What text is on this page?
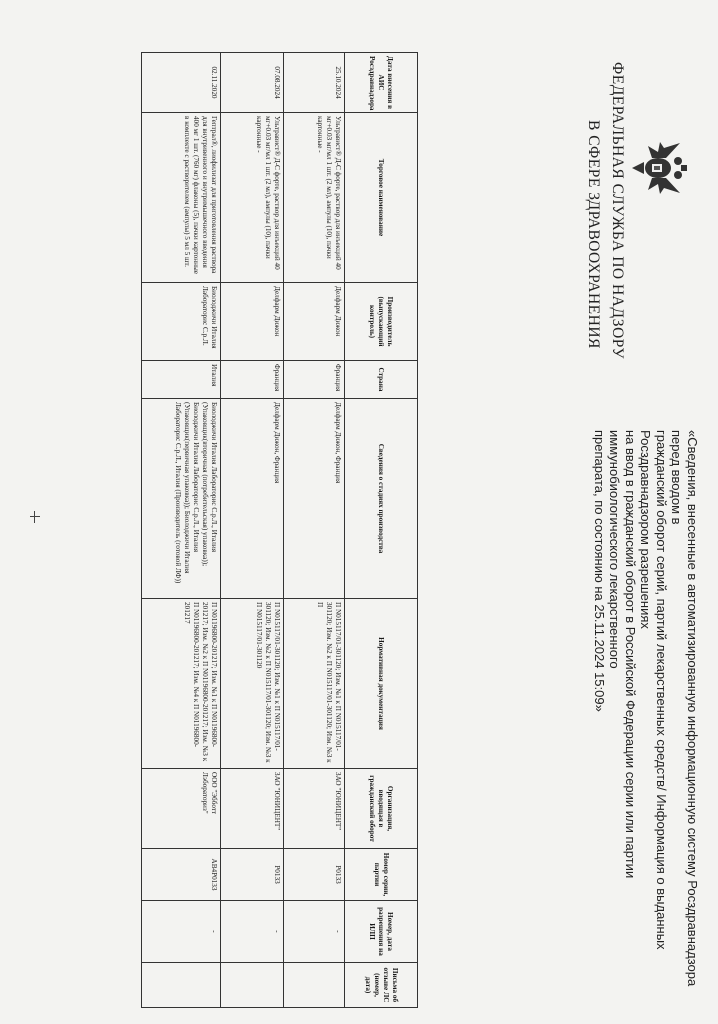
ФЕДЕРАЛЬНАЯ СЛУЖБА ПО НАДЗОРУ
В СФЕРЕ ЗДРАВООХРАНЕНИЯ
«Сведения, внесенные в автоматизированную информационную систему Росздравнадзора перед вводом в
гражданский оборот серий, партий лекарственных средств/ Информация о выданных Росздравнадзором разрешениях
на ввод в гражданский оборот в Российской Федерации серии или партии иммунобиологического лекарственного
препарата, по состоянию на 25.11.2024 15:09»
Дата внесения в АИС Росздравнадзора	Торговое наименование	Производитель (выпускающий контроль)	Страна	Сведения о стадиях производства	Нормативная документация	Организация, вводящая в гражданский оборот	Номер серии, партии	Номер, дата разрешения на ИЛП	Письма об отзыве ЛС (номер, дата)
25.10.2024	Ультравист® Д-С форте, раствор для инъекций 40 мг+0.03 мг/мл 1 шт. (2 мл), ампулы (10), пачки картонные -	Делфарм Дижон	Франция	Делфарм Дижон, Франция	П N015117/01-301120; Изм. №1 к П N015117/01-301120; Изм. №2 к П N015117/01-301120; Изм. №3 к П	ЗАО "ЮНИЦЕНТ"	Р0133	-	
07.08.2024	Ультравист® Д-С форте, раствор для инъекций 40 мг+0.03 мг/мл 1 шт. (2 мл), ампулы (10), пачки картонные -	Делфарм Дижон	Франция	Делфарм Дижон, Франция	П N015117/01-301120; Изм. №1 к П N015117/01-301120; Изм. №2 к П N015117/01-301120; Изм. №3 к П N015117/01-301120	ЗАО "ЮНИЦЕНТ"	Р0133	-	
02.11.2020	Гептрал®, лиофилизат для приготовления раствора для внутривенного и внутримышечного введения 400 мг 1 шт. (760 мг) флаконы (5), пачки картонные в комплекте с растворителем (ампулы) 5 мл 5 шт.	Биолоджичи Италия Лабораторис С.р.Л.	Италия	Биолоджичи Италия Лабораторис С.р.Л., Италия (Упаковщик(вторичная (потребительская) упаковка)); Биолоджичи Италия Лабораторис С.р.Л., Италия (Упаковщик(первичная упаковка)); Биолоджичи Италия Лабораторис С.р.Л., Италия (Производитель (готовой ЛФ))	П N01196800-201217; Изм. №1 к П N01196800-201217; Изм. №2 к П N01196800-201217; Изм. №3 к П N01196800-201217; Изм. №4 к П N01196800-201217	ООО "Эбботт Лэбораториз"	АВ4Р0133	-	
